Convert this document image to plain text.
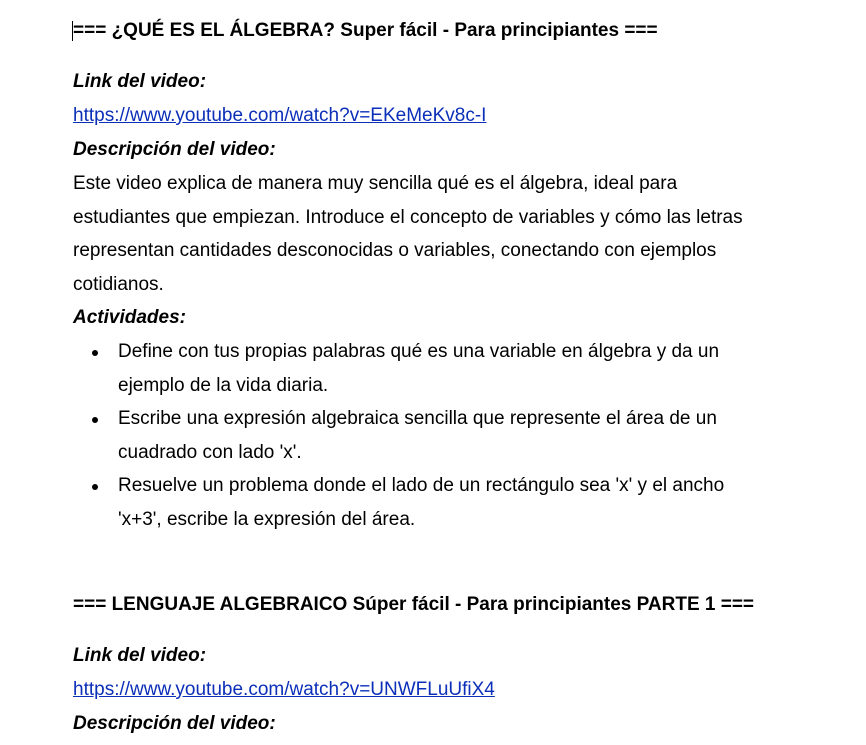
=== ¿QUÉ ES EL ÁLGEBRA? Super fácil - Para principiantes ===

Link del video:

https://www.youtube.com/watch?v=EKeMeKv8c-I

Descripción del video:

Este video explica de manera muy sencilla qué es el álgebra, ideal para

estudiantes que empiezan. Introduce el concepto de variables y cómo las letras

representan cantidades desconocidas o variables, conectando con ejemplos

cotidianos.

Actividades:

Define con tus propias palabras qué es una variable en álgebra y da un
ejemplo de la vida diaria.
Escribe una expresión algebraica sencilla que represente el área de un
cuadrado con lado 'x'.
Resuelve un problema donde el lado de un rectángulo sea 'x' y el ancho
'x+3', escribe la expresión del área.

=== LENGUAJE ALGEBRAICO Súper fácil - Para principiantes PARTE 1 ===

Link del video:

https://www.youtube.com/watch?v=UNWFLuUfiX4

Descripción del video:
